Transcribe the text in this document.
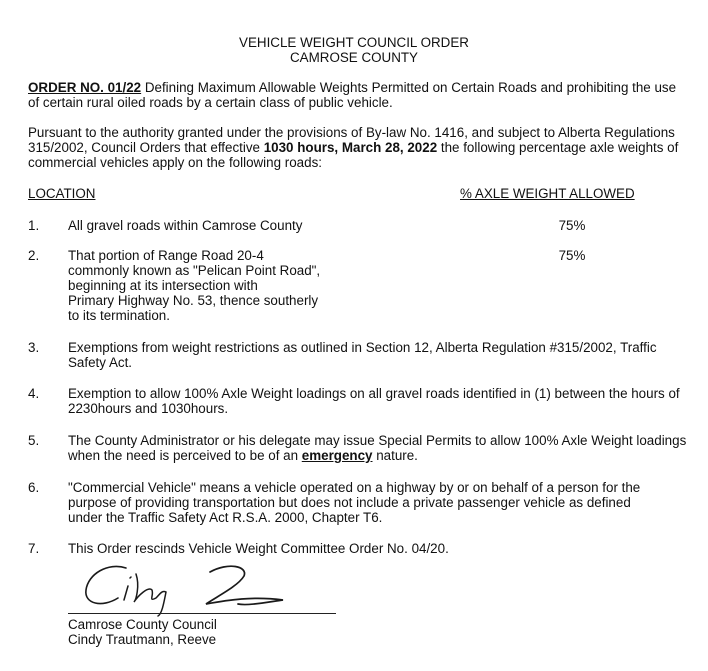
VEHICLE WEIGHT COUNCIL ORDER
CAMROSE COUNTY
ORDER NO. 01/22 Defining Maximum Allowable Weights Permitted on Certain Roads and prohibiting the use
of certain rural oiled roads by a certain class of public vehicle.
Pursuant to the authority granted under the provisions of By-law No. 1416, and subject to Alberta Regulations
315/2002, Council Orders that effective 1030 hours, March 28, 2022 the following percentage axle weights of
commercial vehicles apply on the following roads:
LOCATION	% AXLE WEIGHT ALLOWED
1. All gravel roads within Camrose County	75%
2. That portion of Range Road 20-4
commonly known as "Pelican Point Road",
beginning at its intersection with
Primary Highway No. 53, thence southerly
to its termination.
75%
3. Exemptions from weight restrictions as outlined in Section 12, Alberta Regulation #315/2002, Traffic
Safety Act.
4. Exemption to allow 100% Axle Weight loadings on all gravel roads identified in (1) between the hours of
2230hours and 1030hours.
5. The County Administrator or his delegate may issue Special Permits to allow 100% Axle Weight loadings
when the need is perceived to be of an emergency nature.
6. "Commercial Vehicle" means a vehicle operated on a highway by or on behalf of a person for the
purpose of providing transportation but does not include a private passenger vehicle as defined
under the Traffic Safety Act R.S.A. 2000, Chapter T6.
7. This Order rescinds Vehicle Weight Committee Order No. 04/20.
Camrose County Council
Cindy Trautmann, Reeve
